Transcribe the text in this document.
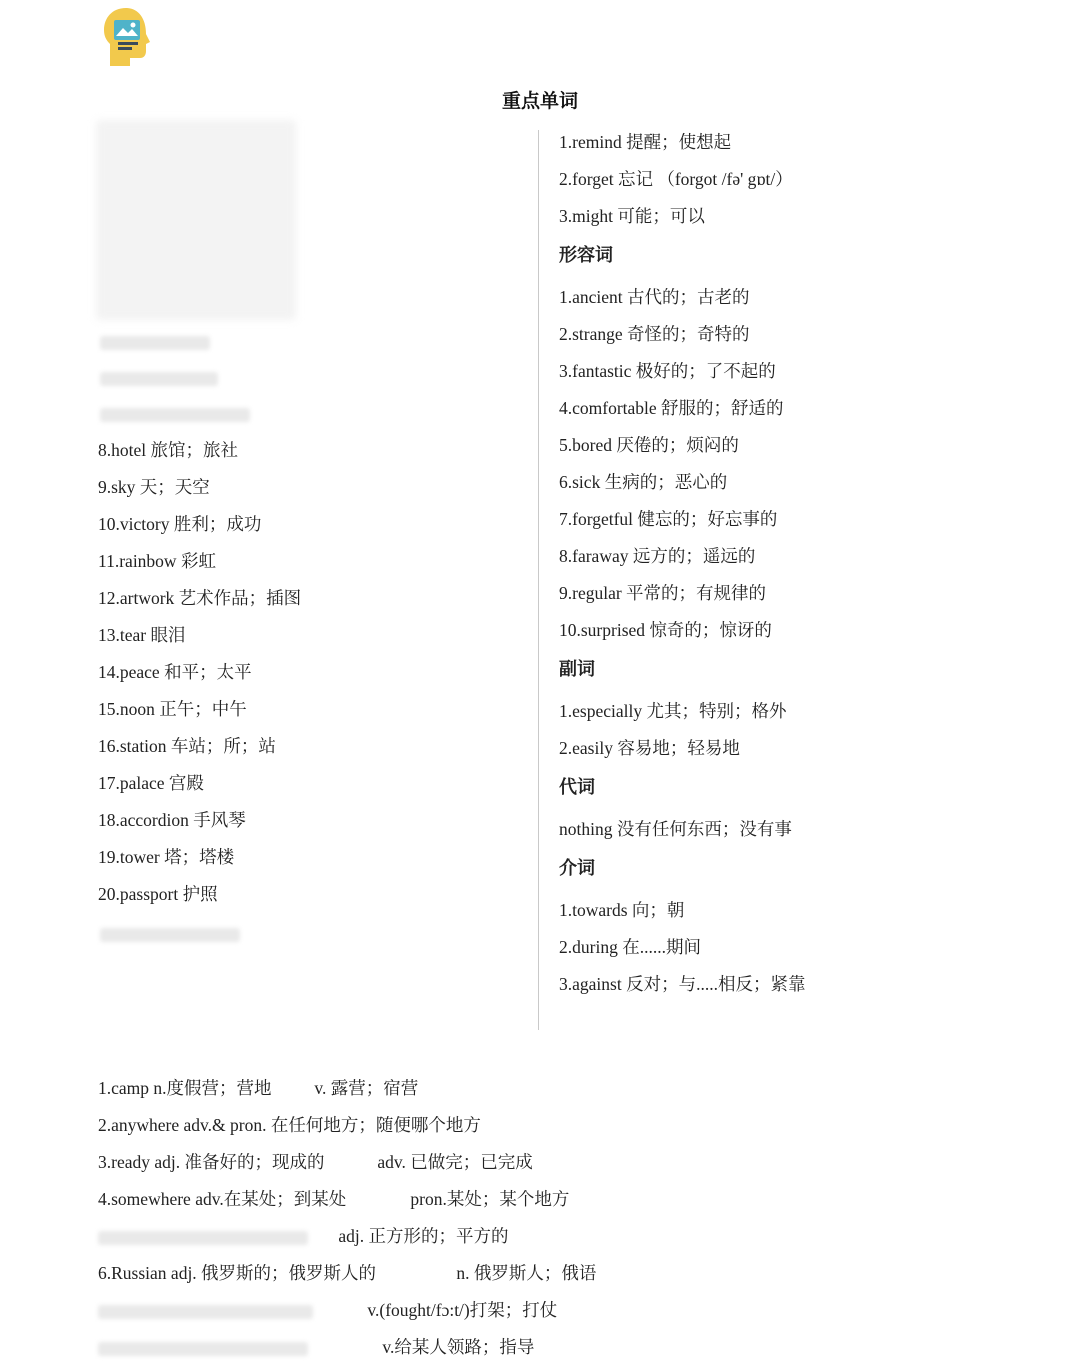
重点单词
8.hotel 旅馆；旅社
9.sky 天；天空
10.victory 胜利；成功
11.rainbow 彩虹
12.artwork 艺术作品；插图
13.tear 眼泪
14.peace 和平；太平
15.noon 正午；中午
16.station 车站；所；站
17.palace 宫殿
18.accordion 手风琴
19.tower 塔；塔楼
20.passport 护照
1.remind 提醒；使想起
2.forget 忘记 （forgot /fə' gɒt/）
3.might 可能；可以
形容词
1.ancient 古代的；古老的
2.strange 奇怪的；奇特的
3.fantastic 极好的；了不起的
4.comfortable 舒服的；舒适的
5.bored 厌倦的；烦闷的
6.sick 生病的；恶心的
7.forgetful 健忘的；好忘事的
8.faraway 远方的；遥远的
9.regular 平常的；有规律的
10.surprised 惊奇的；惊讶的
副词
1.especially 尤其；特别；格外
2.easily 容易地；轻易地
代词
nothing 没有任何东西；没有事
介词
1.towards 向；朝
2.during 在......期间
3.against 反对；与.....相反；紧靠
1.camp n.度假营；营地 v. 露营；宿营
2.anywhere adv.& pron. 在任何地方；随便哪个地方
3.ready adj. 准备好的；现成的	adv. 已做完；已完成
4.somewhere adv.在某处；到某处	pron.某处；某个地方
adj. 正方形的；平方的
6.Russian adj. 俄罗斯的；俄罗斯人的	n. 俄罗斯人；俄语
v.(fought/fɔ:t/)打架；打仗
v.给某人领路；指导
